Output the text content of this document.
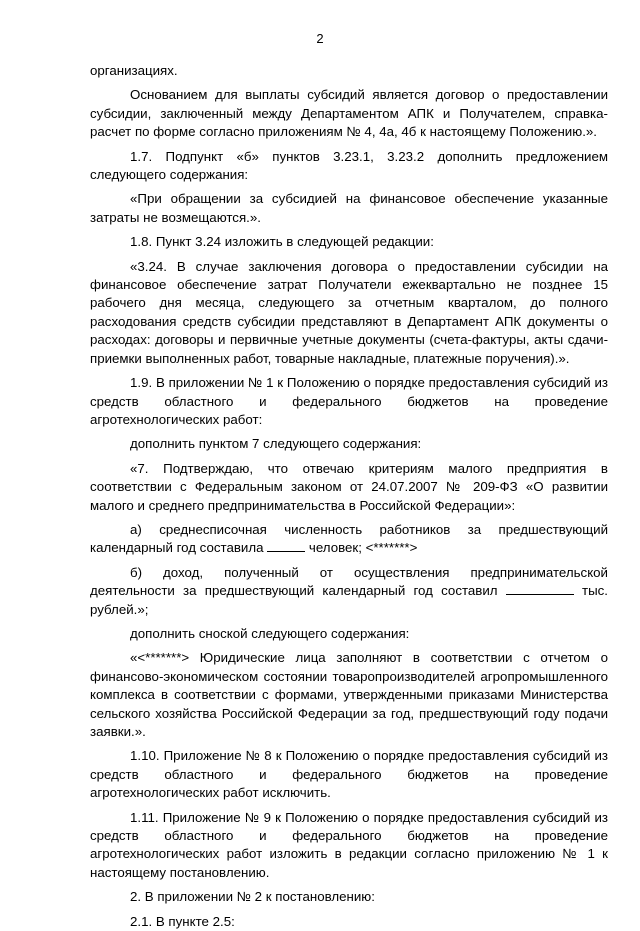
2

организациях.

Основанием для выплаты субсидий является договор о предоставлении субсидии, заключенный между Департаментом АПК и Получателем, справка-расчет по форме согласно приложениям № 4, 4а, 4б к настоящему Положению.».

1.7. Подпункт «б» пунктов 3.23.1, 3.23.2 дополнить предложением следующего содержания:

«При обращении за субсидией на финансовое обеспечение указанные затраты не возмещаются.».

1.8. Пункт 3.24 изложить в следующей редакции:

«3.24. В случае заключения договора о предоставлении субсидии на финансовое обеспечение затрат Получатели ежеквартально не позднее 15 рабочего дня месяца, следующего за отчетным кварталом, до полного расходования средств субсидии представляют в Департамент АПК документы о расходах: договоры и первичные учетные документы (счета-фактуры, акты сдачи-приемки выполненных работ, товарные накладные, платежные поручения).».

1.9. В приложении № 1 к Положению о порядке предоставления субсидий из средств областного и федерального бюджетов на проведение агротехнологических работ:

дополнить пунктом 7 следующего содержания:

«7. Подтверждаю, что отвечаю критериям малого предприятия в соответствии с Федеральным законом от 24.07.2007 № 209-ФЗ «О развитии малого и среднего предпринимательства в Российской Федерации»:

а) среднесписочная численность работников за предшествующий календарный год составила	человек; <*******>

б) доход, полученный от осуществления предпринимательской деятельности за предшествующий календарный год составил	тыс. рублей.»;

дополнить сноской следующего содержания:

«<*******> Юридические лица заполняют в соответствии с отчетом о финансово-экономическом состоянии товаропроизводителей агропромышленного комплекса в соответствии с формами, утвержденными приказами Министерства сельского хозяйства Российской Федерации за год, предшествующий году подачи заявки.».

1.10. Приложение № 8 к Положению о порядке предоставления субсидий из средств областного и федерального бюджетов на проведение агротехнологических работ исключить.

1.11. Приложение № 9 к Положению о порядке предоставления субсидий из средств областного и федерального бюджетов на проведение агротехнологических работ изложить в редакции согласно приложению № 1 к настоящему постановлению.

2. В приложении № 2 к постановлению:

2.1. В пункте 2.5:
